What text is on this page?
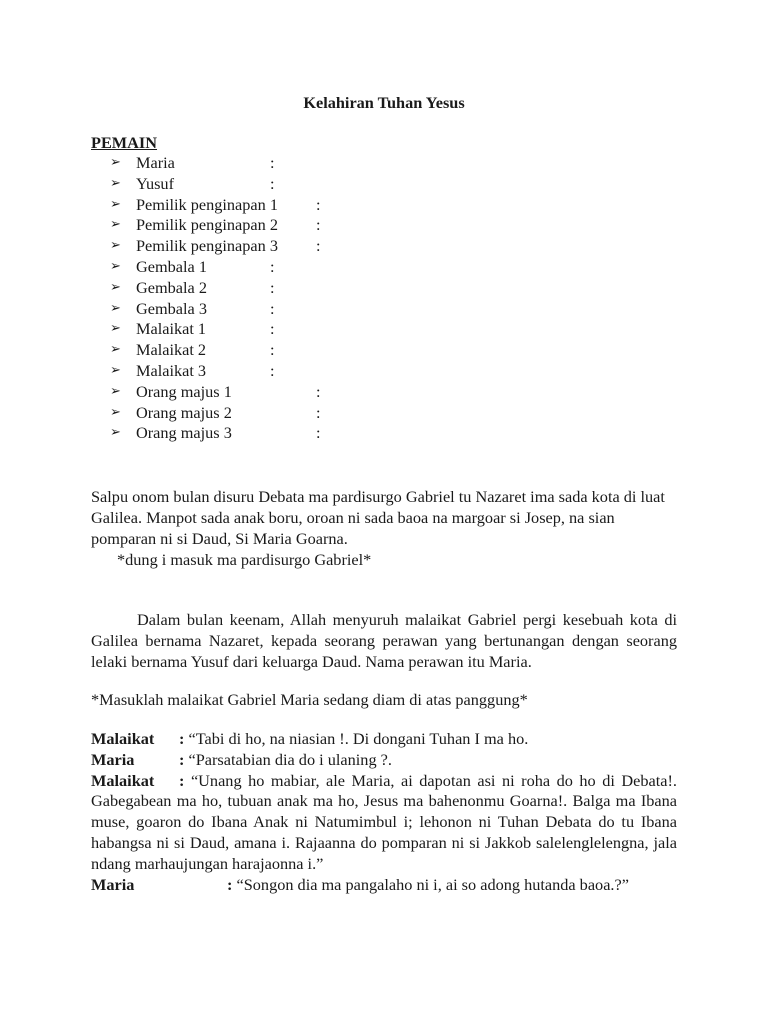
Kelahiran Tuhan Yesus
PEMAIN
➢ Maria	:
➢ Yusuf	:
➢ Pemilik penginapan 1 :
➢ Pemilik penginapan 2 :
➢ Pemilik penginapan 3 :
➢ Gembala 1	:
➢ Gembala 2	:
➢ Gembala 3	:
➢ Malaikat 1	:
➢ Malaikat 2	:
➢ Malaikat 3	:
➢ Orang majus 1	:
➢ Orang majus 2	:
➢ Orang majus 3	:

Salpu onom bulan disuru Debata ma pardisurgo Gabriel tu Nazaret ima sada kota di luat Galilea. Manpot sada anak boru, oroan ni sada baoa na margoar si Josep, na sian pomparan ni si Daud, Si Maria Goarna.

*dung i masuk ma pardisurgo Gabriel*

Dalam bulan keenam, Allah menyuruh malaikat Gabriel pergi kesebuah kota di Galilea bernama Nazaret, kepada seorang perawan yang bertunangan dengan seorang lelaki bernama Yusuf dari keluarga Daud. Nama perawan itu Maria.

*Masuklah malaikat Gabriel Maria sedang diam di atas panggung*

Malaikat : “Tabi di ho, na niasian !. Di dongani Tuhan I ma ho.
Maria	: “Parsatabian dia do i ulaning ?.
Malaikat : “Unang ho mabiar, ale Maria, ai dapotan asi ni roha do ho di Debata!. Gabegabean ma ho, tubuan anak ma ho, Jesus ma bahenonmu Goarna!. Balga ma Ibana muse, goaron do Ibana Anak ni Natumimbul i; lehonon ni Tuhan Debata do tu Ibana habangsa ni si Daud, amana i. Rajaanna do pomparan ni si Jakkob salelenglelengna, jala ndang marhaujungan harajaonna i.”
Maria	: “Songon dia ma pangalaho ni i, ai so adong hutanda baoa.?”
